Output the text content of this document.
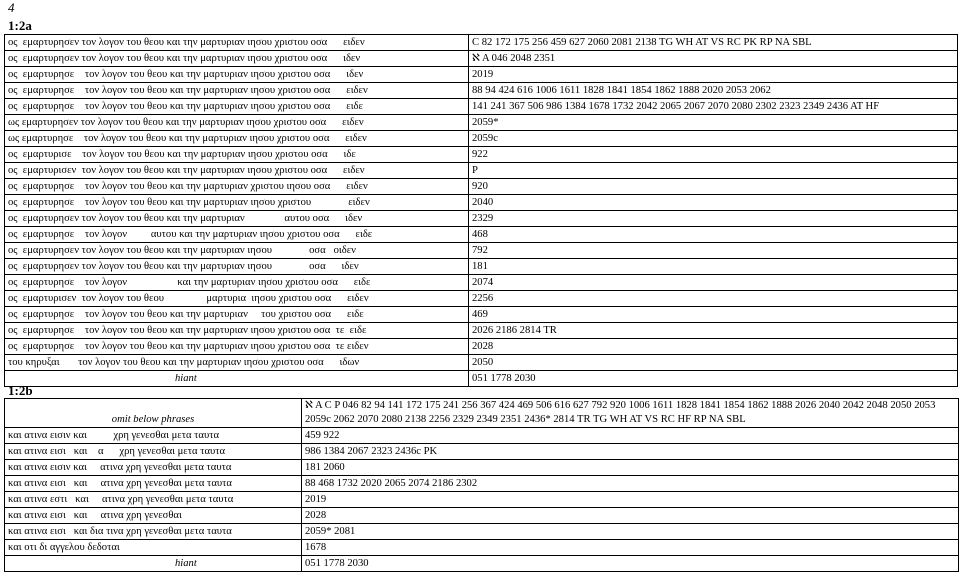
4
1:2a
ος  εμαρτυρησεν τον λογον του θεου και την μαρτυριαν ιησου χριστου οσα      ειδεν	C 82 172 175 256 459 627 2060 2081 2138 TG WH AT VS RC PK RP NA SBL
ος  εμαρτυρησεν τον λογον του θεου και την μαρτυριαν ιησου χριστου οσα      ιδεν	ℵ A 046 2048 2351
ος  εμαρτυρησε    τον λογον του θεου και την μαρτυριαν ιησου χριστου οσα      ιδεν	2019
ος  εμαρτυρησε    τον λογον του θεου και την μαρτυριαν ιησου χριστου οσα      ειδεν	88 94 424 616 1006 1611 1828 1841 1854 1862 1888 2020 2053 2062
ος  εμαρτυρησε    τον λογον του θεου και την μαρτυριαν ιησου χριστου οσα      ειδε	141 241 367 506 986 1384 1678 1732 2042 2065 2067 2070 2080 2302 2323 2349 2436 AT HF
ως εμαρτυρησεν τον λογον του θεου και την μαρτυριαν ιησου χριστου οσα      ειδεν	2059*
ως εμαρτυρησε    τον λογον του θεου και την μαρτυριαν ιησου χριστου οσα      ειδεν	2059c
ος  εμαρτυρισε    τον λογον του θεου και την μαρτυριαν ιησου χριστου οσα      ιδε	922
ος  εμαρτυρισεν  τον λογον του θεου και την μαρτυριαν ιησου χριστου οσα      ειδεν	P
ος  εμαρτυρησε    τον λογον του θεου και την μαρτυριαν χριστου ιησου οσα      ειδεν	920
ος  εμαρτυρησε    τον λογον του θεου και την μαρτυριαν ιησου χριστου              ειδεν	2040
ος  εμαρτυρησεν τον λογον του θεου και την μαρτυριαν               αυτου οσα      ιδεν	2329
ος  εμαρτυρησε    τον λογον         αυτου και την μαρτυριαν ιησου χριστου οσα      ειδε	468
ος  εμαρτυρησεν τον λογον του θεου και την μαρτυριαν ιησου              οσα   οιδεν	792
ος  εμαρτυρησεν τον λογον του θεου και την μαρτυριαν ιησου              οσα      ιδεν	181
ος  εμαρτυρησε    τον λογον                   και την μαρτυριαν ιησου χριστου οσα      ειδε	2074
ος  εμαρτυρισεν  τον λογον του θεου                μαρτυρια  ιησου χριστου οσα      ειδεν	2256
ος  εμαρτυρησε    τον λογον του θεου και την μαρτυριαν     του χριστου οσα      ειδε	469
ος  εμαρτυρησε    τον λογον του θεου και την μαρτυριαν ιησου χριστου οσα  τε  ειδε	2026 2186 2814 TR
ος  εμαρτυρησε    τον λογον του θεου και την μαρτυριαν ιησου χριστου οσα  τε ειδεν	2028
του κηρυξαι       τον λογον του θεου και την μαρτυριαν ιησου χριστου οσα      ιδων	2050
hiant	051 1778 2030
1:2b
omit below phrases	ℵ A C P 046 82 94 141 172 175 241 256 367 424 469 506 616 627 792 920 1006 1611 1828 1841 1854 1862 1888 2026 2040 2042 2048 2050 2053 2059c 2062 2070 2080 2138 2256 2329 2349 2351 2436* 2814 TR TG WH AT VS RC HF RP NA SBL
και ατινα εισιν και          χρη γενεσθαι μετα ταυτα	459 922
και ατινα εισι   και    α      χρη γενεσθαι μετα ταυτα	986 1384 2067 2323 2436c PK
και ατινα εισιν και     ατινα χρη γενεσθαι μετα ταυτα	181 2060
και ατινα εισι   και     ατινα χρη γενεσθαι μετα ταυτα	88 468 1732 2020 2065 2074 2186 2302
και ατινα εστι   και     ατινα χρη γενεσθαι μετα ταυτα	2019
και ατινα εισι   και     ατινα χρη γενεσθαι	2028
και ατινα εισι   και δια τινα χρη γενεσθαι μετα ταυτα	2059* 2081
και οτι δι αγγελου δεδοται	1678
hiant	051 1778 2030
